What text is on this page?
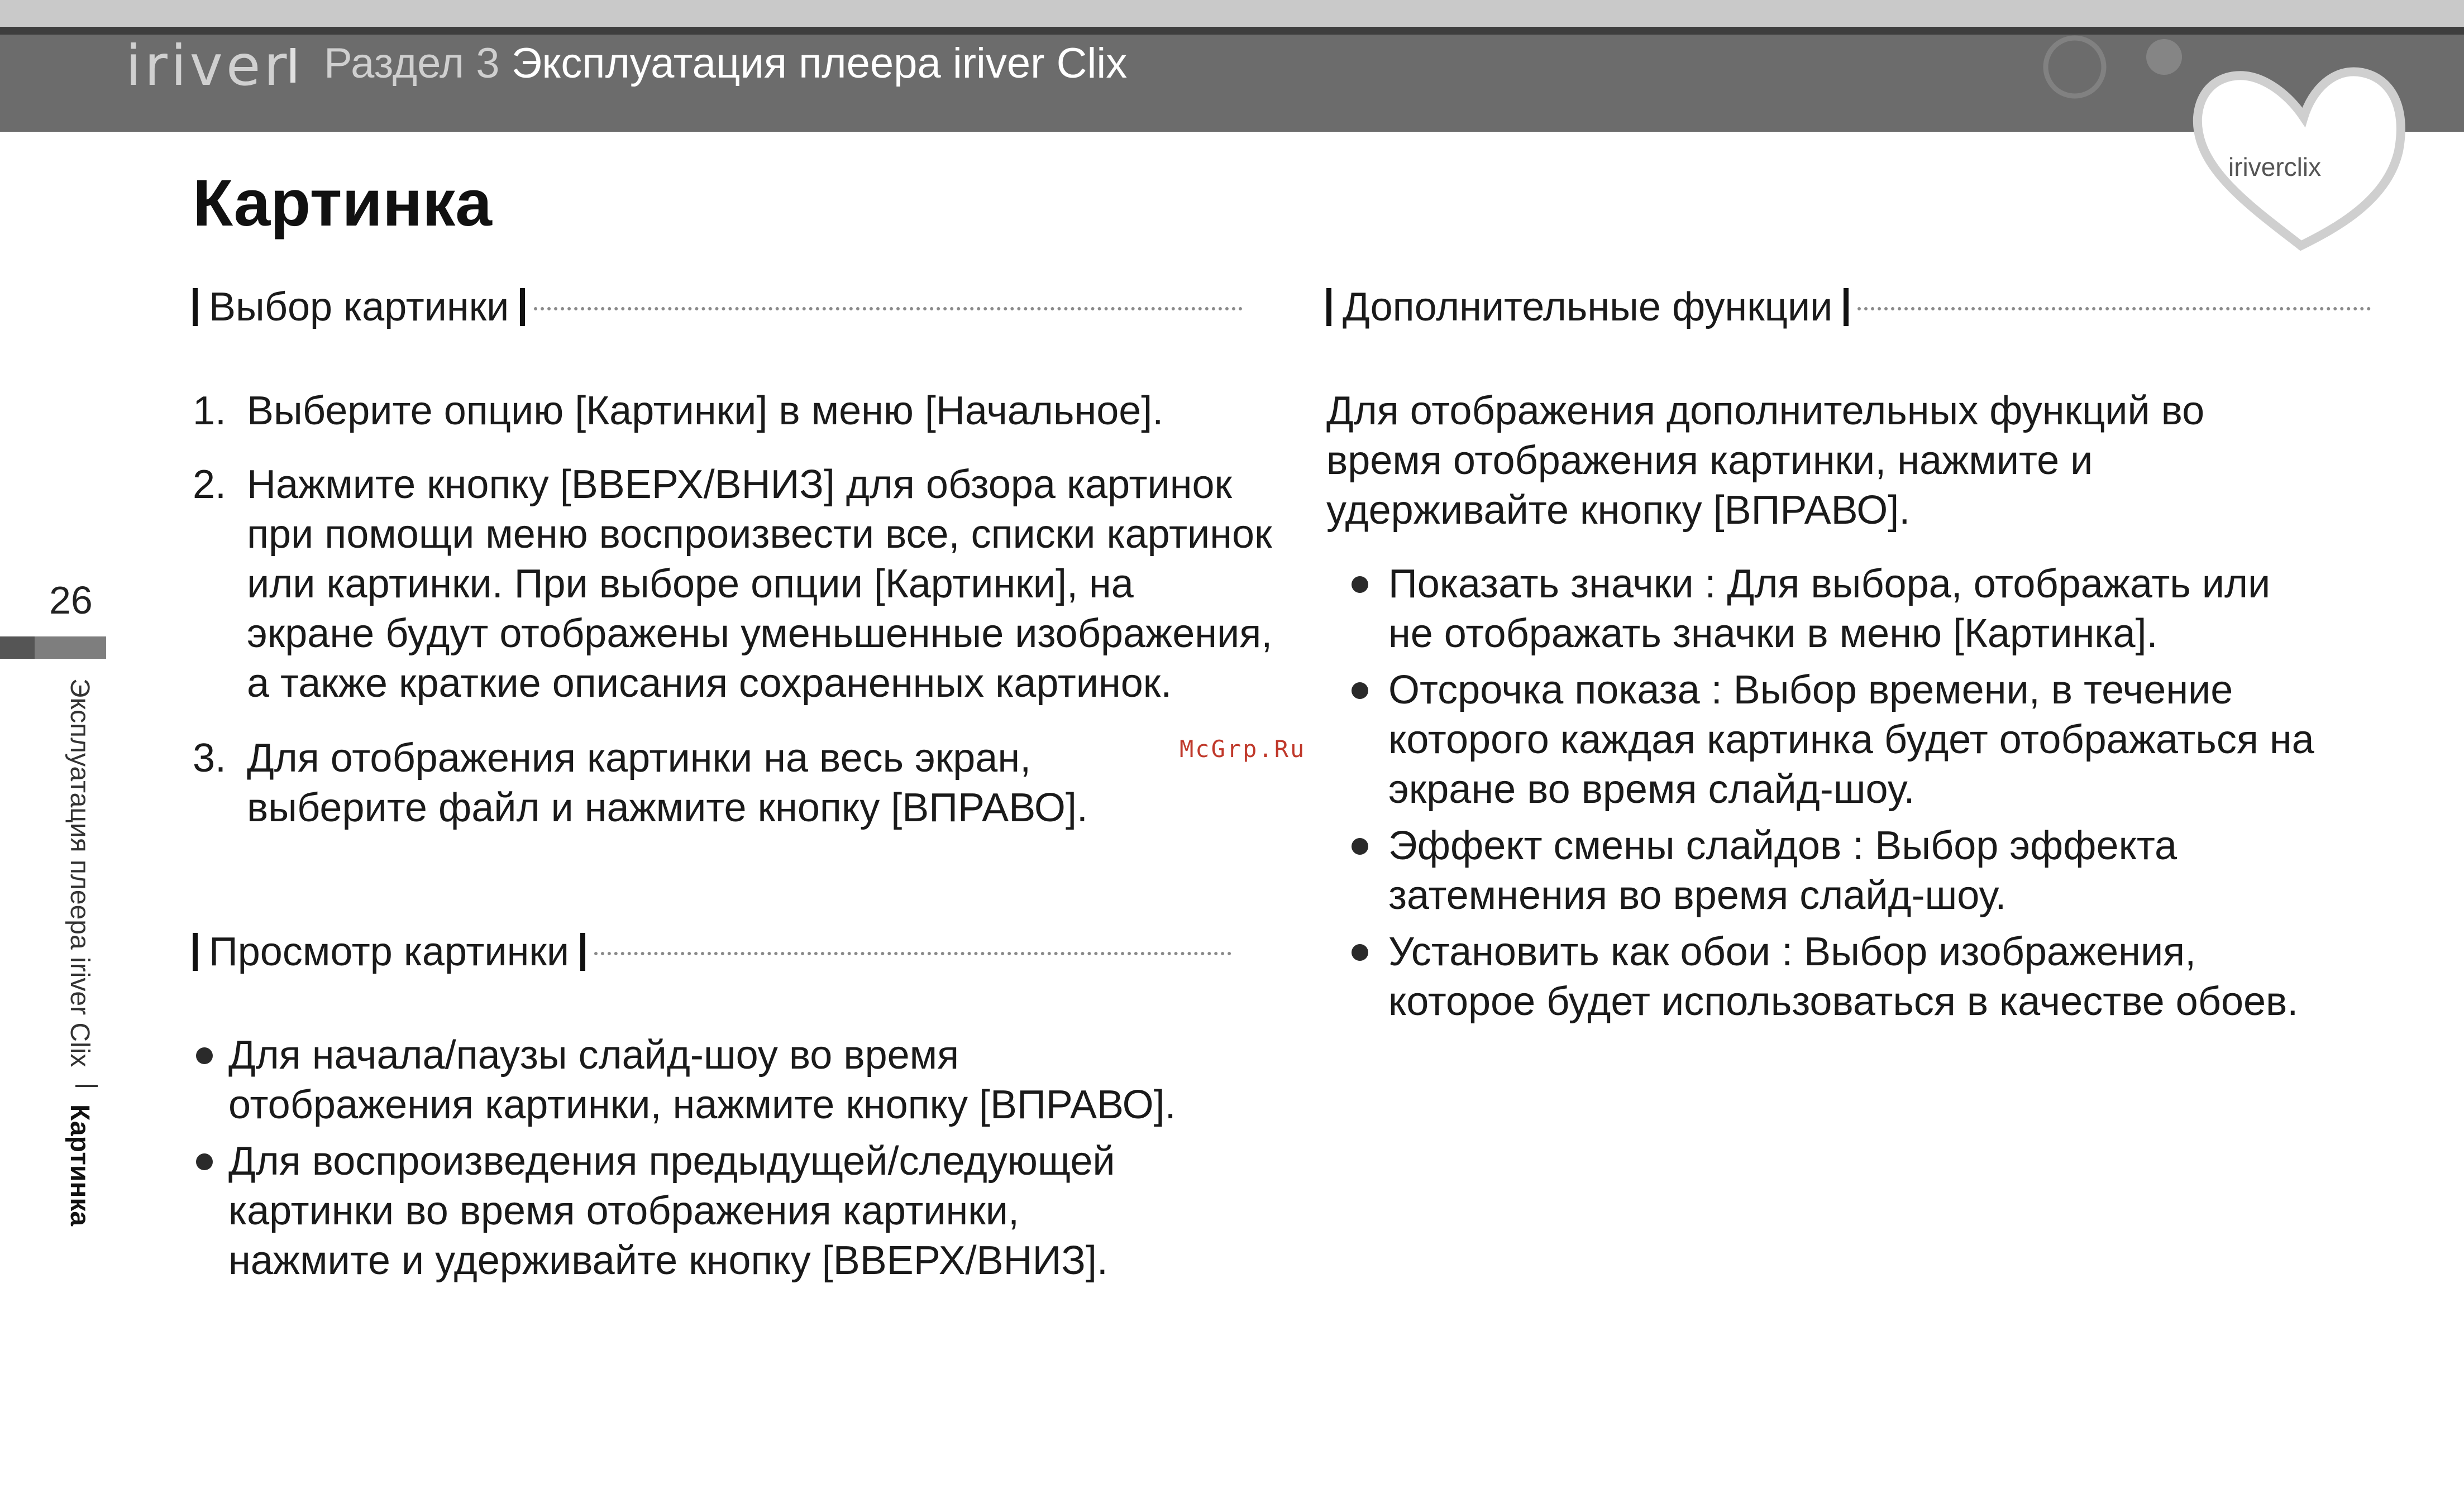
iriver Раздел 3 Эксплуатация плеера iriver Clix
iriverclix
Картинка
Выбор картинки
1. Выберите опцию [Картинки] в меню [Начальное].
2. Нажмите кнопку [ВВЕРХ/ВНИЗ] для обзора картинок
при помощи меню воспроизвести все, списки картинок
или картинки. При выборе опции [Картинки], на
экране будут отображены уменьшенные изображения,
а также краткие описания сохраненных картинок.
3. Для отображения картинки на весь экран,
выберите файл и нажмите кнопку [ВПРАВО].
Просмотр картинки
Для начала/паузы слайд-шоу во время
отображения картинки, нажмите кнопку [ВПРАВО].
Для воспроизведения предыдущей/следующей
картинки во время отображения картинки,
нажмите и удерживайте кнопку [ВВЕРХ/ВНИЗ].
Дополнительные функции
Для отображения дополнительных функций во
время отображения картинки, нажмите и
удерживайте кнопку [ВПРАВО].
Показать значки : Для выбора, отображать или
не отображать значки в меню [Картинка].
Отсрочка показа : Выбор времени, в течение
которого каждая картинка будет отображаться на
экране во время слайд-шоу.
Эффект смены слайдов : Выбор эффекта
затемнения во время слайд-шоу.
Установить как обои : Выбор изображения,
которое будет использоваться в качестве обоев.
26
Эксплуатация плеера iriver Clix  Картинка
McGrp.Ru
